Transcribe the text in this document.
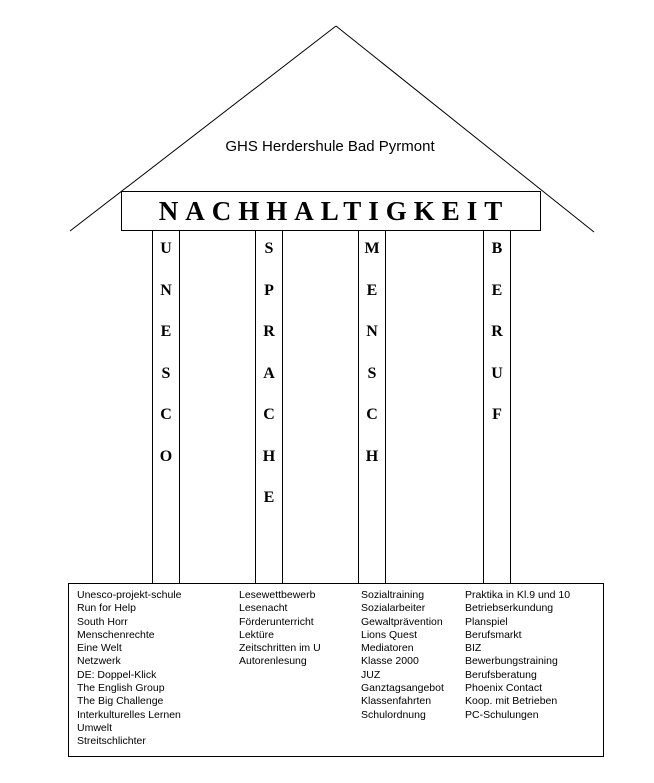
GHS Herdershule Bad Pyrmont
NACHHALTIGKEIT
U
N
E
S
C
O
S
P
R
A
C
H
E
M
E
N
S
C
H
B
E
R
U
F
Unesco-projekt-schule
Run for Help
South Horr
Menschenrechte
Eine Welt
Netzwerk
DE: Doppel-Klick
The English Group
The Big Challenge
Interkulturelles Lernen
Umwelt
Streitschlichter
Lesewettbewerb
Lesenacht
Förderunterricht
Lektüre
Zeitschritten im U
Autorenlesung
Sozialtraining
Sozialarbeiter
Gewaltprävention
Lions Quest
Mediatoren
Klasse 2000
JUZ
Ganztagsangebot
Klassenfahrten
Schulordnung
Praktika in Kl.9 und 10
Betriebserkundung
Planspiel
Berufsmarkt
BIZ
Bewerbungstraining
Berufsberatung
Phoenix Contact
Koop. mit Betrieben
PC-Schulungen
